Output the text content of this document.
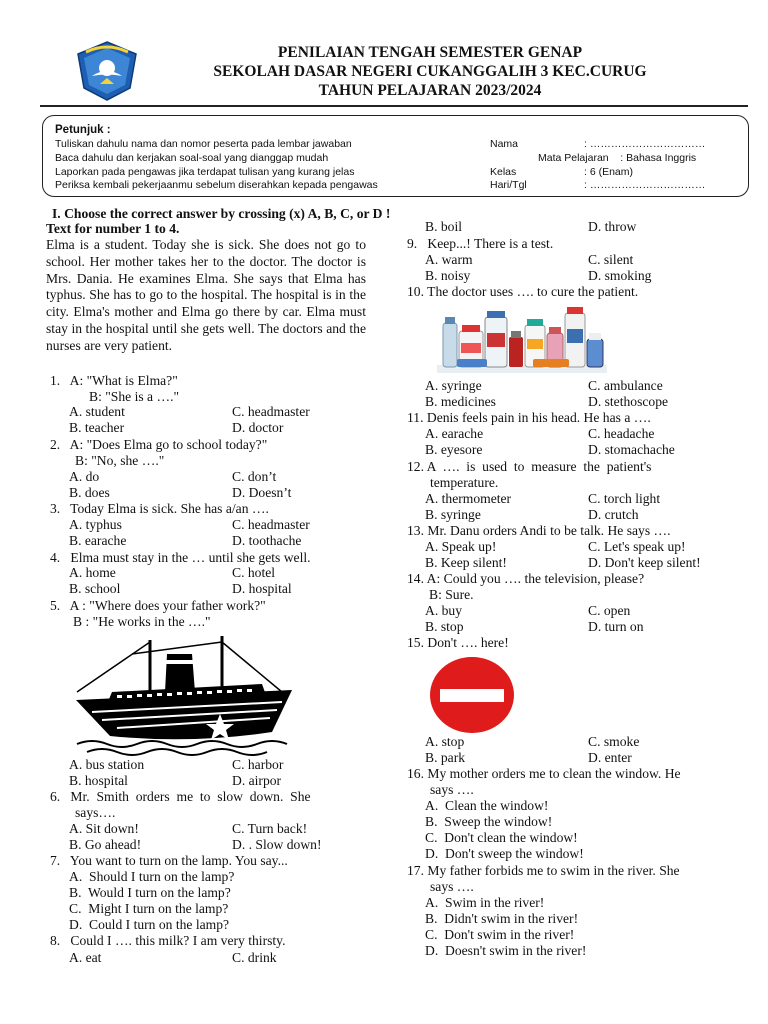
PENILAIAN TENGAH SEMESTER GENAP
SEKOLAH DASAR NEGERI CUKANGGALIH 3 KEC.CURUG
TAHUN PELAJARAN 2023/2024
Petunjuk :
Tuliskan dahulu nama dan nomor peserta pada lembar jawaban
Baca dahulu dan kerjakan soal-soal yang dianggap mudah
Laporkan pada pengawas jika terdapat tulisan yang kurang jelas
Periksa kembali pekerjaanmu sebelum diserahkan kepada pengawas
Nama	: ……………………………
Mata Pelajaran    : Bahasa Inggris
Kelas	: 6 (Enam)
Hari/Tgl	: ……………………………
I. Choose the correct answer by crossing (x) A, B, C, or D !
Text for number 1 to 4.
Elma is a student. Today she is sick. She does not go to school. Her mother takes her to the doctor. The doctor is Mrs. Dania. He examines Elma. She says that Elma has typhus. She has to go to the hospital. The hospital is in the city. Elma's mother and Elma go there by car. Elma must stay in the hospital until she gets well. The doctors and the nurses are very patient.
1.   A: "What is Elma?"
B: "She is a …."
A. student	C. headmaster
B. teacher	D. doctor
2.   A: "Does Elma go to school today?"
B: "No, she …."
A. do	C. don’t
B. does	D. Doesn’t
3.   Today Elma is sick. She has a/an ….
A. typhus	C. headmaster
B. earache	D. toothache
4.   Elma must stay in the … until she gets well.
A. home	C. hotel
B. school	D. hospital
5.   A : "Where does your father work?"
B : "He works in the …."
A. bus station	C. harbor
B. hospital	D. airpor
6.   Mr.  Smith  orders  me  to  slow  down.  She
says….
A. Sit down!	C. Turn back!
B. Go ahead!	D. . Slow down!
7.   You want to turn on the lamp. You say...
A.  Should I turn on the lamp?
B.  Would I turn on the lamp?
C.  Might I turn on the lamp?
D.  Could I turn on the lamp?
8.   Could I …. this milk? I am very thirsty.
A. eat	C. drink
B. boil	D. throw
9.   Keep...! There is a test.
A. warm	C. silent
B. noisy	D. smoking
10. The doctor uses …. to cure the patient.
A. syringe	C. ambulance
B. medicines	D. stethoscope
11. Denis feels pain in his head. He has a ….
A. earache	C. headache
B. eyesore	D. stomachache
12. A  ….  is  used  to  measure  the  patient's
temperature.
A. thermometer	C. torch light
B. syringe	D. crutch
13. Mr. Danu orders Andi to be talk. He says ….
A. Speak up!	C. Let's speak up!
B. Keep silent!	D. Don't keep silent!
14. A: Could you …. the television, please?
B: Sure.
A. buy	C. open
B. stop	D. turn on
15. Don't …. here!
A. stop	C. smoke
B. park	D. enter
16. My mother orders me to clean the window. He
says ….
A.  Clean the window!
B.  Sweep the window!
C.  Don't clean the window!
D.  Don't sweep the window!
17. My father forbids me to swim in the river. She
says ….
A.  Swim in the river!
B.  Didn't swim in the river!
C.  Don't swim in the river!
D.  Doesn't swim in the river!
